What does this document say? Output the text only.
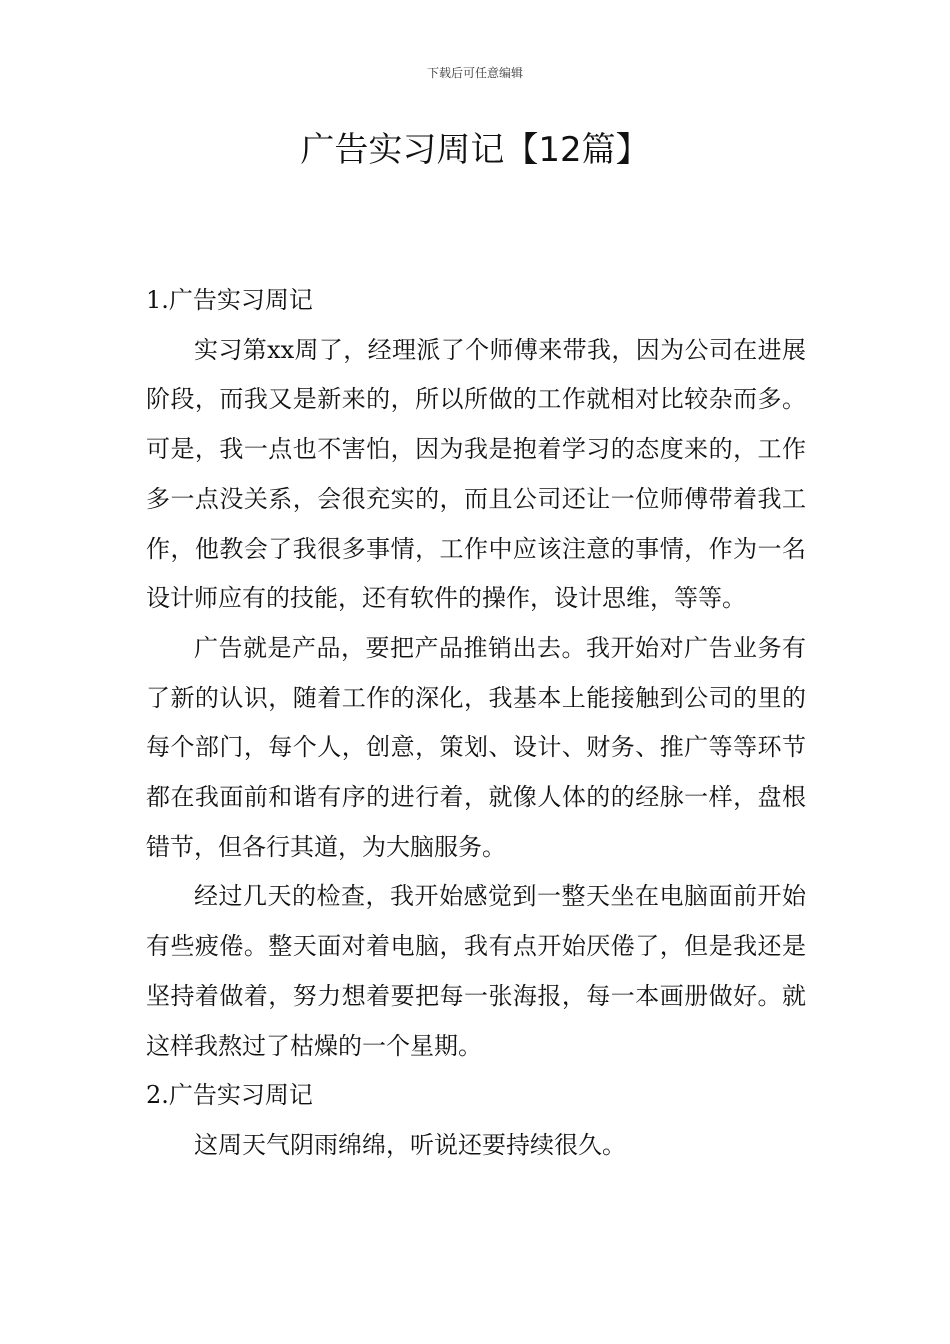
下载后可任意编辑
广告实习周记【12篇】
1.广告实习周记

实习第xx周了，经理派了个师傅来带我，因为公司在进展阶段，而我又是新来的，所以所做的工作就相对比较杂而多。可是，我一点也不害怕，因为我是抱着学习的态度来的，工作多一点没关系，会很充实的，而且公司还让一位师傅带着我工作，他教会了我很多事情，工作中应该注意的事情，作为一名设计师应有的技能，还有软件的操作，设计思维，等等。

广告就是产品，要把产品推销出去。我开始对广告业务有了新的认识，随着工作的深化，我基本上能接触到公司的里的每个部门，每个人，创意，策划、设计、财务、推广等等环节都在我面前和谐有序的进行着，就像人体的的经脉一样，盘根错节，但各行其道，为大脑服务。

经过几天的检查，我开始感觉到一整天坐在电脑面前开始有些疲倦。整天面对着电脑，我有点开始厌倦了，但是我还是坚持着做着，努力想着要把每一张海报，每一本画册做好。就这样我熬过了枯燥的一个星期。

2.广告实习周记

这周天气阴雨绵绵，听说还要持续很久。
